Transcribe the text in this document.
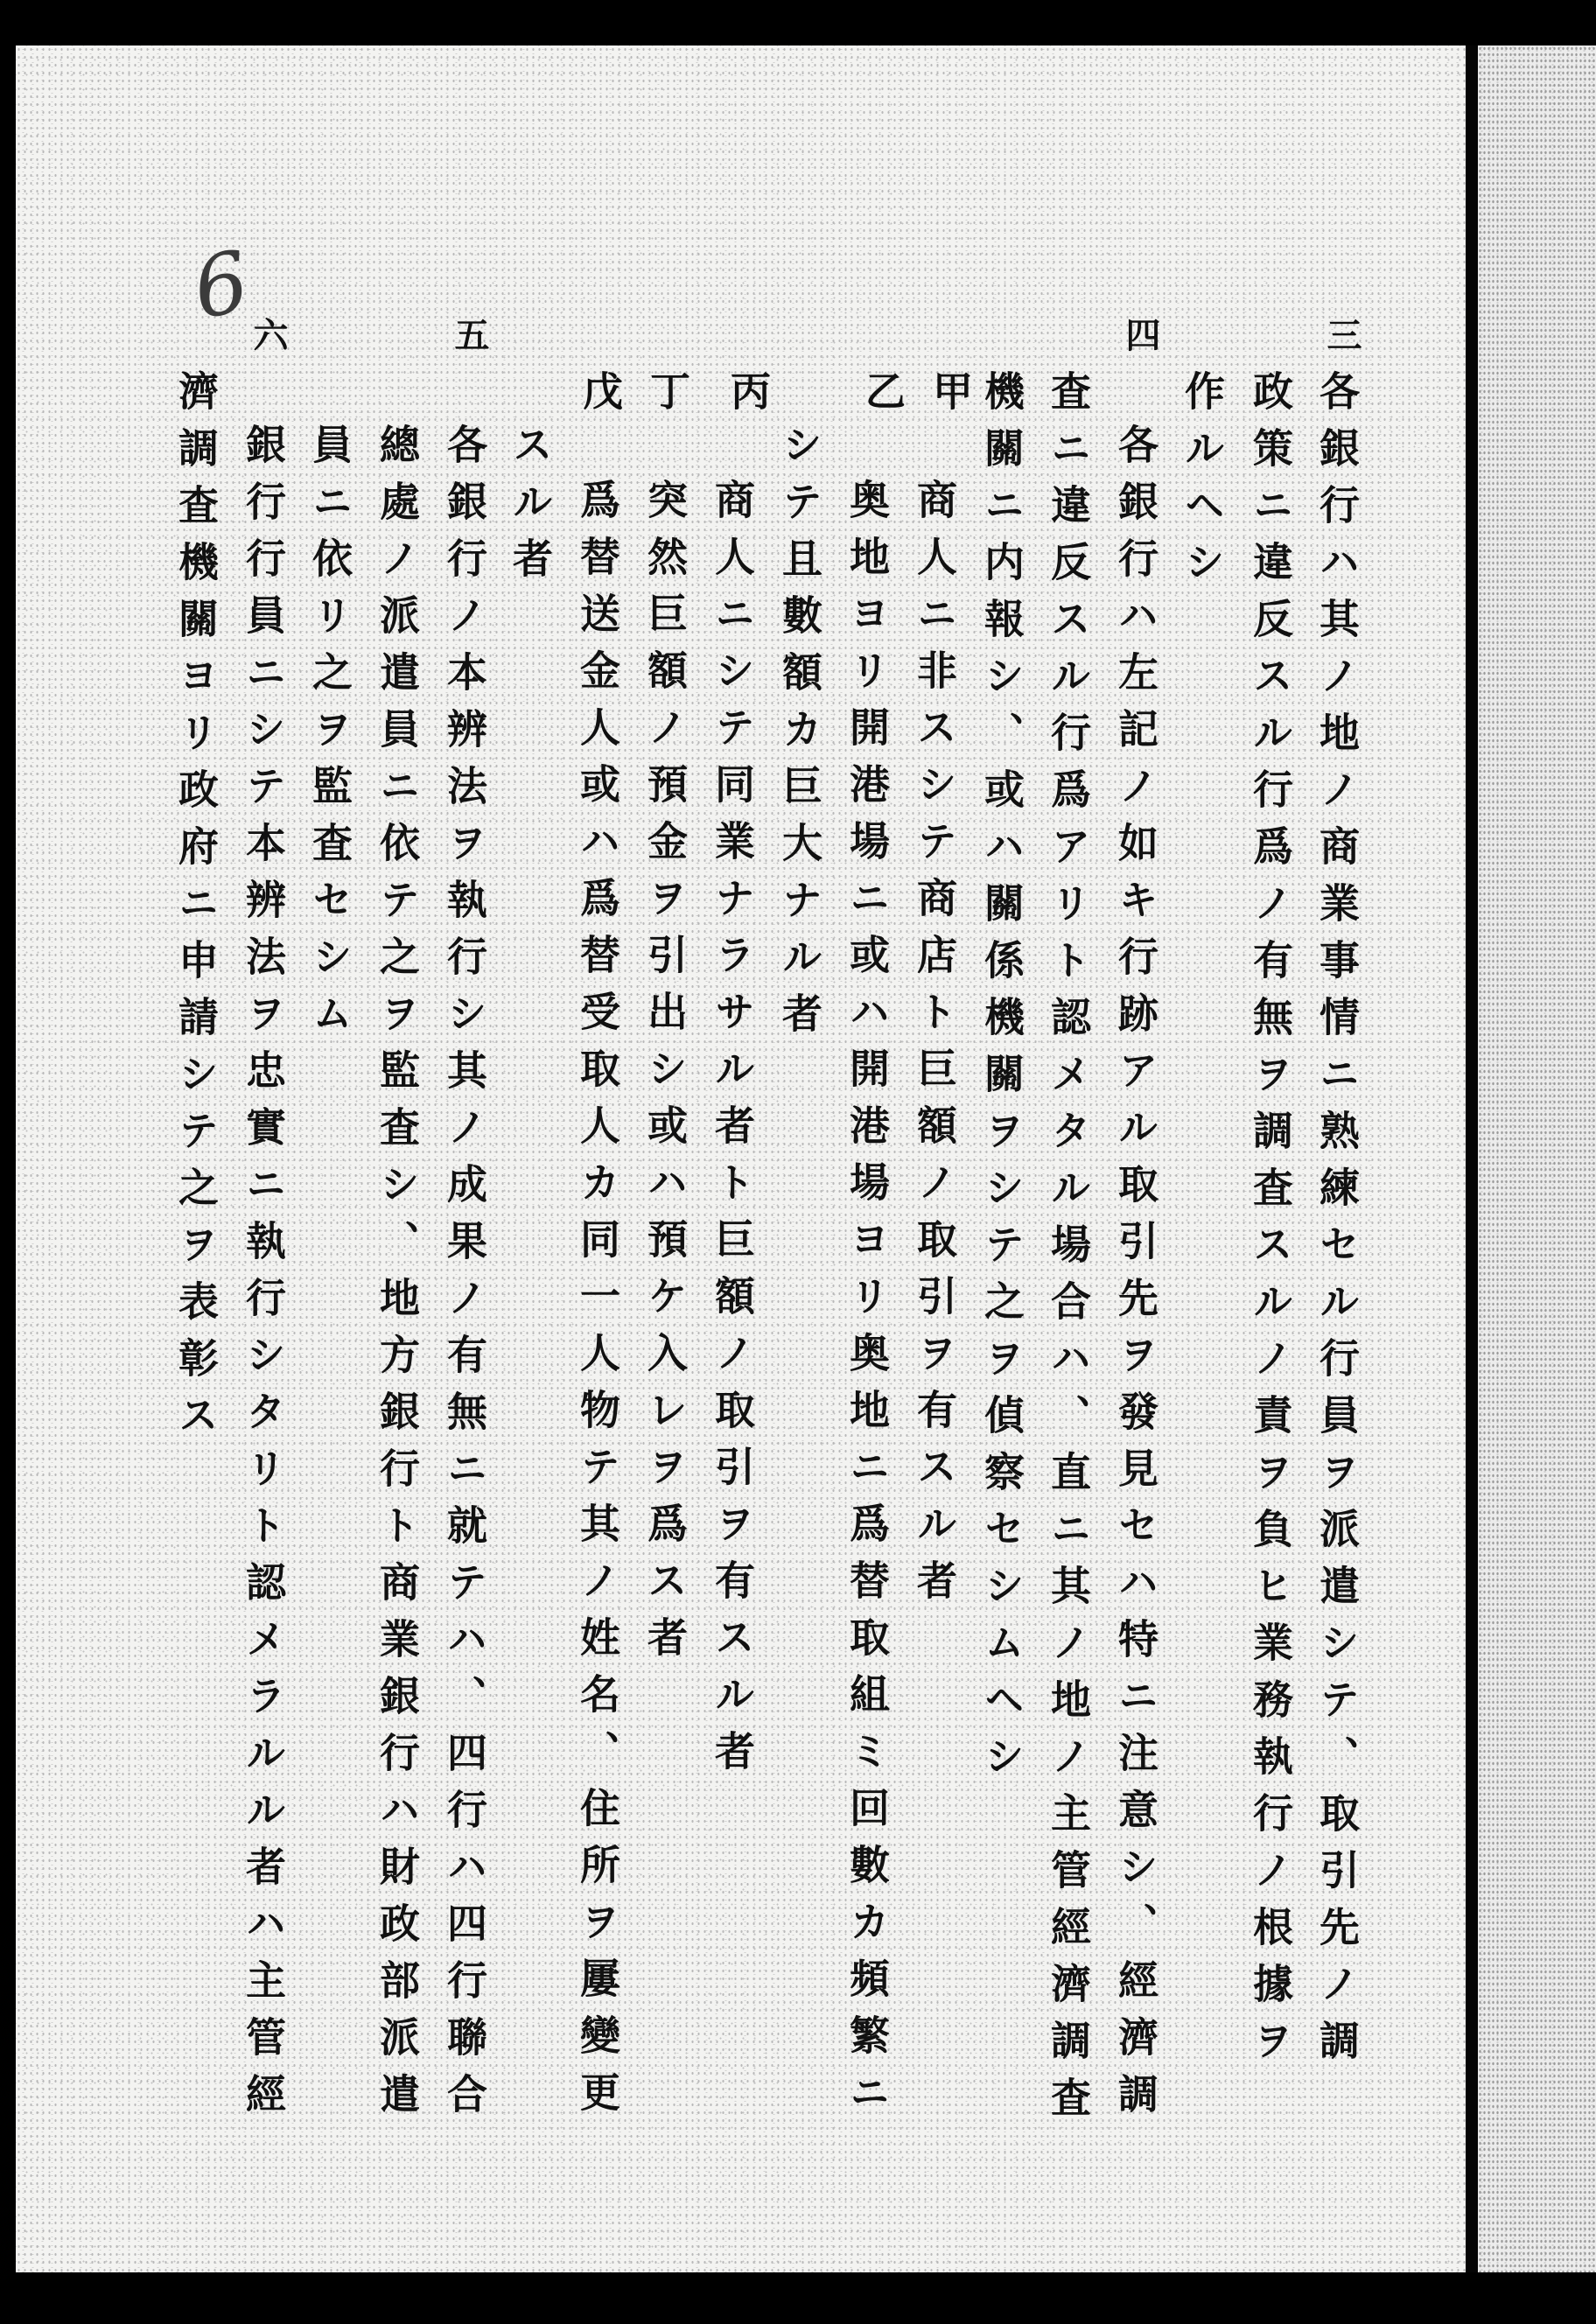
6	三
四
五
六
甲
乙
丙
丁
戊	各銀行ハ其ノ地ノ商業事情ニ熟練セル行員ヲ派遣シテ、取引先ノ調
政策ニ違反スル行爲ノ有無ヲ調査スルノ責ヲ負ヒ業務執行ノ根據ヲ
作ルヘシ
各銀行ハ左記ノ如キ行跡アル取引先ヲ發見セハ特ニ注意シ、經濟調
査ニ違反スル行爲アリト認メタル場合ハ、直ニ其ノ地ノ主管經濟調査
機關ニ内報シ、或ハ關係機關ヲシテ之ヲ偵察セシムヘシ
商人ニ非スシテ商店ト巨額ノ取引ヲ有スル者
奥地ヨリ開港場ニ或ハ開港場ヨリ奥地ニ爲替取組ミ回數カ頻繁ニ
シテ且數額カ巨大ナル者
商人ニシテ同業ナラサル者ト巨額ノ取引ヲ有スル者
突然巨額ノ預金ヲ引出シ或ハ預ケ入レヲ爲ス者
爲替送金人或ハ爲替受取人カ同一人物テ其ノ姓名、住所ヲ屢變更
スル者
各銀行ノ本辨法ヲ執行シ其ノ成果ノ有無ニ就テハ、四行ハ四行聯合
總處ノ派遣員ニ依テ之ヲ監査シ、地方銀行ト商業銀行ハ財政部派遣
員ニ依リ之ヲ監査セシム
銀行行員ニシテ本辨法ヲ忠實ニ執行シタリト認メラルル者ハ主管經
濟調査機關ヨリ政府ニ申請シテ之ヲ表彰ス
